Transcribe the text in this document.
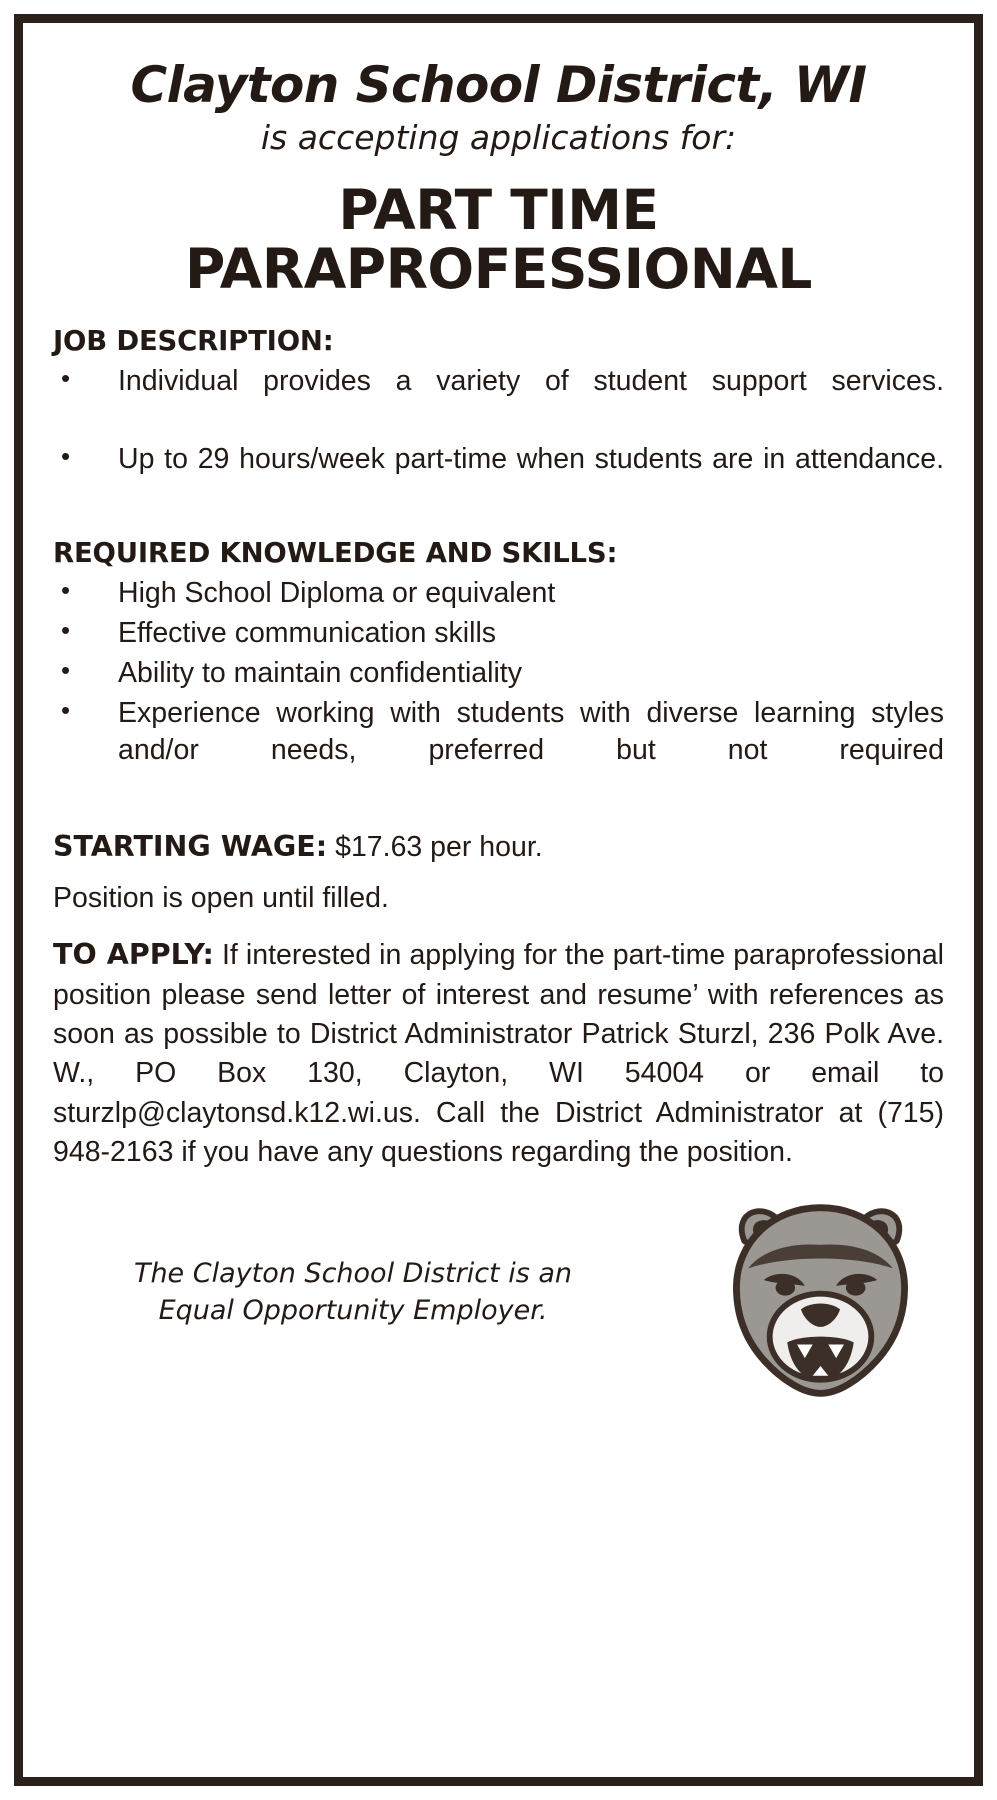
Clayton School District, WI
is accepting applications for:
PART TIME
PARAPROFESSIONAL
JOB DESCRIPTION:
• Individual provides a variety of student support services.
• Up to 29 hours/week part-time when students are in attendance.
REQUIRED KNOWLEDGE AND SKILLS:
• High School Diploma or equivalent
• Effective communication skills
• Ability to maintain confidentiality
• Experience working with students with diverse learning styles and/or needs, preferred but not required
STARTING WAGE: $17.63 per hour.
Position is open until filled.
TO APPLY: If interested in applying for the part-time paraprofessional position please send letter of interest and resume’ with references as soon as possible to District Administrator Patrick Sturzl, 236 Polk Ave. W., PO Box 130, Clayton, WI 54004 or email to sturzlp@claytonsd.k12.wi.us. Call the District Administrator at (715) 948-2163 if you have any questions regarding the position.
The Clayton School District is an
Equal Opportunity Employer.
